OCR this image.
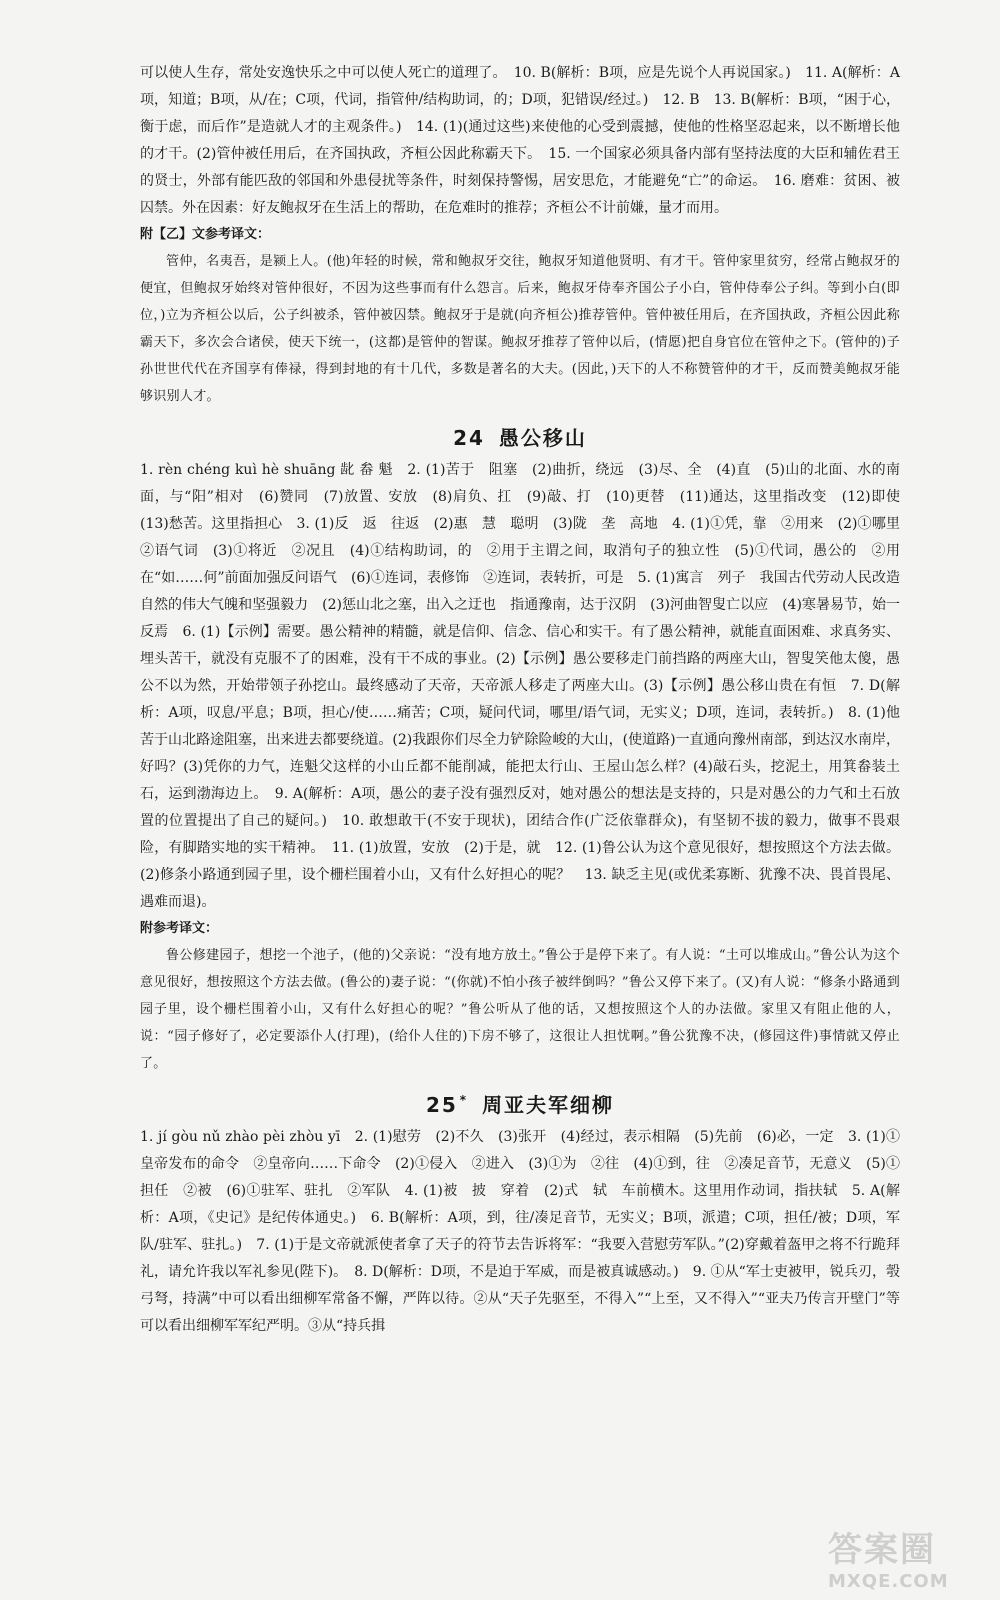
可以使人生存，常处安逸快乐之中可以使人死亡的道理了。　10. B(解析：B项，应是先说个人再说国家。)　11. A(解析：A项，知道；B项，从/在；C项，代词，指管仲/结构助词，的；D项，犯错误/经过。)　12. B　13. B(解析：B项，“困于心，衡于虑，而后作”是造就人才的主观条件。)　14. (1)(通过这些)来使他的心受到震撼，使他的性格坚忍起来，以不断增长他的才干。(2)管仲被任用后，在齐国执政，齐桓公因此称霸天下。　15. 一个国家必须具备内部有坚持法度的大臣和辅佐君王的贤士，外部有能匹敌的邻国和外患侵扰等条件，时刻保持警惕，居安思危，才能避免“亡”的命运。　16. 磨难：贫困、被囚禁。外在因素：好友鲍叔牙在生活上的帮助，在危难时的推荐；齐桓公不计前嫌，量才而用。

附【乙】文参考译文：

管仲，名夷吾，是颍上人。(他)年轻的时候，常和鲍叔牙交往，鲍叔牙知道他贤明、有才干。管仲家里贫穷，经常占鲍叔牙的便宜，但鲍叔牙始终对管仲很好，不因为这些事而有什么怨言。后来，鲍叔牙侍奉齐国公子小白，管仲侍奉公子纠。等到小白(即位，)立为齐桓公以后，公子纠被杀，管仲被囚禁。鲍叔牙于是就(向齐桓公)推荐管仲。管仲被任用后，在齐国执政，齐桓公因此称霸天下，多次会合诸侯，使天下统一，(这都)是管仲的智谋。鲍叔牙推荐了管仲以后，(情愿)把自身官位在管仲之下。(管仲的)子孙世世代代在齐国享有俸禄，得到封地的有十几代，多数是著名的大夫。(因此，)天下的人不称赞管仲的才干，反而赞美鲍叔牙能够识别人才。

24 愚公移山

1. rèn chéng kuì hè shuāng 龀 畚 魁　2. (1)苦于　阻塞　(2)曲折，绕远　(3)尽、全　(4)直　(5)山的北面、水的南面，与“阳”相对　(6)赞同　(7)放置、安放　(8)肩负、扛　(9)敲、打　(10)更替　(11)通达，这里指改变　(12)即使　(13)愁苦。这里指担心　3. (1)反　返　往返　(2)惠　慧　聪明　(3)陇　垄　高地　4. (1)①凭，靠　②用来　(2)①哪里　②语气词　(3)①将近　②况且　(4)①结构助词，的　②用于主谓之间，取消句子的独立性　(5)①代词，愚公的　②用在“如……何”前面加强反问语气　(6)①连词，表修饰　②连词，表转折，可是　5. (1)寓言　列子　我国古代劳动人民改造自然的伟大气魄和坚强毅力　(2)惩山北之塞，出入之迂也　指通豫南，达于汉阴　(3)河曲智叟亡以应　(4)寒暑易节，始一反焉　6. (1)【示例】需要。愚公精神的精髓，就是信仰、信念、信心和实干。有了愚公精神，就能直面困难、求真务实、埋头苦干，就没有克服不了的困难，没有干不成的事业。(2)【示例】愚公要移走门前挡路的两座大山，智叟笑他太傻，愚公不以为然，开始带领子孙挖山。最终感动了天帝，天帝派人移走了两座大山。(3)【示例】愚公移山贵在有恒　7. D(解析：A项，叹息/平息；B项，担心/使……痛苦；C项，疑问代词，哪里/语气词，无实义；D项，连词，表转折。)　8. (1)他苦于山北路途阻塞，出来进去都要绕道。(2)我跟你们尽全力铲除险峻的大山，(使道路)一直通向豫州南部，到达汉水南岸，好吗？(3)凭你的力气，连魁父这样的小山丘都不能削减，能把太行山、王屋山怎么样？(4)敲石头，挖泥土，用箕畚装土石，运到渤海边上。　9. A(解析：A项，愚公的妻子没有强烈反对，她对愚公的想法是支持的，只是对愚公的力气和土石放置的位置提出了自己的疑问。)　10. 敢想敢干(不安于现状)，团结合作(广泛依靠群众)，有坚韧不拔的毅力，做事不畏艰险，有脚踏实地的实干精神。　11. (1)放置，安放　(2)于是，就　12. (1)鲁公认为这个意见很好，想按照这个方法去做。(2)修条小路通到园子里，设个栅栏围着小山，又有什么好担心的呢？　13. 缺乏主见(或优柔寡断、犹豫不决、畏首畏尾、遇难而退)。

附参考译文：

鲁公修建园子，想挖一个池子，(他的)父亲说：“没有地方放土。”鲁公于是停下来了。有人说：“土可以堆成山。”鲁公认为这个意见很好，想按照这个方法去做。(鲁公的)妻子说：“(你就)不怕小孩子被绊倒吗？”鲁公又停下来了。(又)有人说：“修条小路通到园子里，设个栅栏围着小山，又有什么好担心的呢？”鲁公听从了他的话，又想按照这个人的办法做。家里又有阻止他的人，说：“园子修好了，必定要添仆人(打理)，(给仆人住的)下房不够了，这很让人担忧啊。”鲁公犹豫不决，(修园这件)事情就又停止了。

25 * 周亚夫军细柳

1. jí gòu nǔ zhào pèi zhòu yī　2. (1)慰劳　(2)不久　(3)张开　(4)经过，表示相隔　(5)先前　(6)必，一定　3. (1)①皇帝发布的命令　②皇帝向……下命令　(2)①侵入　②进入　(3)①为　②往　(4)①到，往　②凑足音节，无意义　(5)①担任　②被　(6)①驻军、驻扎　②军队　4. (1)被　披　穿着　(2)式　轼　车前横木。这里用作动词，指扶轼　5. A(解析：A项，《史记》是纪传体通史。)　6. B(解析：A项，到，往/凑足音节，无实义；B项，派遣；C项，担任/被；D项，军队/驻军、驻扎。)　7. (1)于是文帝就派使者拿了天子的符节去告诉将军：“我要入营慰劳军队。”(2)穿戴着盔甲之将不行跪拜礼，请允许我以军礼参见(陛下)。　8. D(解析：D项，不是迫于军威，而是被真诚感动。)　9. ①从“军士吏被甲，锐兵刃，彀弓弩，持满”中可以看出细柳军常备不懈，严阵以待。②从“天子先驱至，不得入”“上至，又不得入”“亚夫乃传言开壁门”等可以看出细柳军军纪严明。③从“持兵揖

答案圈
MXQE.COM
